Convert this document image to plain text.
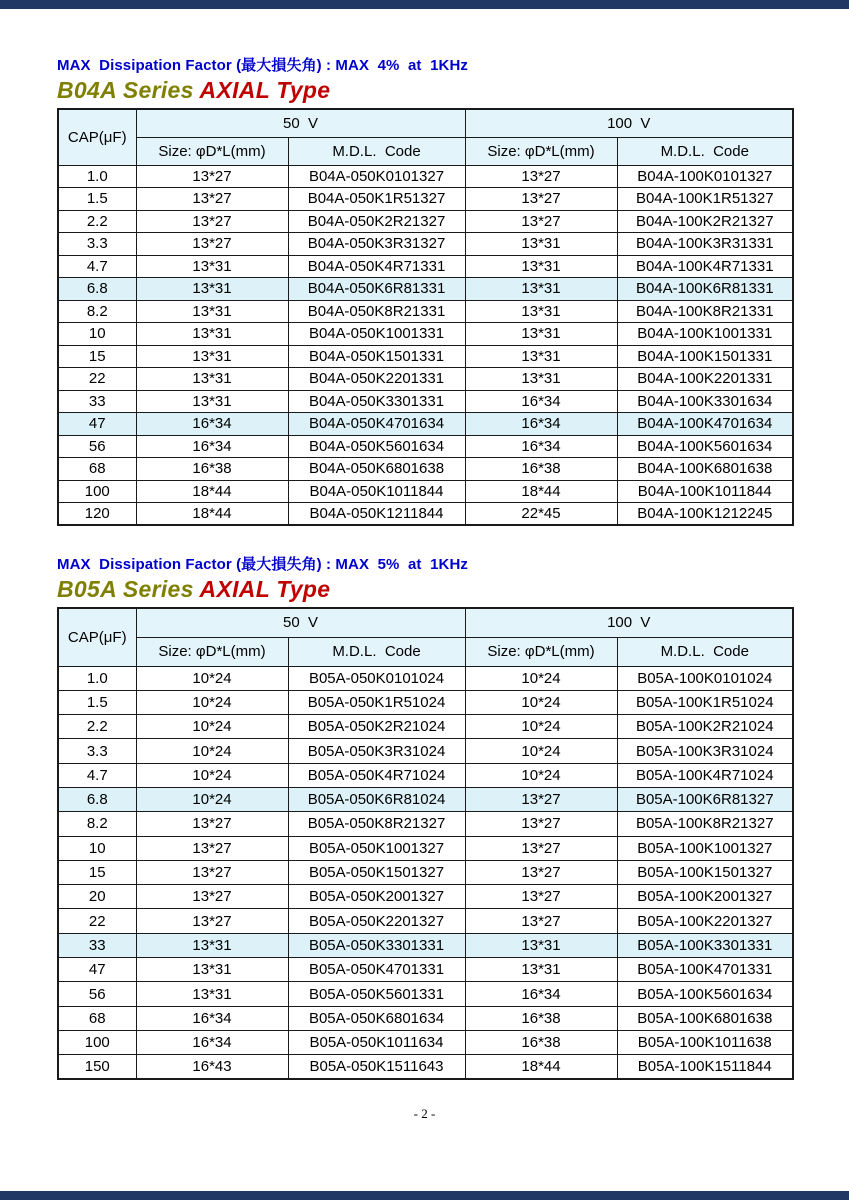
MAX  Dissipation Factor (最大損失角) : MAX  4%  at  1KHz

B04A Series AXIAL Type
CAP(μF)	50  V		100  V	
	Size: φD*L(mm)	M.D.L.  Code	Size: φD*L(mm)	M.D.L.  Code
1.0	13*27	B04A-050K0101327	13*27	B04A-100K0101327
1.5	13*27	B04A-050K1R51327	13*27	B04A-100K1R51327
2.2	13*27	B04A-050K2R21327	13*27	B04A-100K2R21327
3.3	13*27	B04A-050K3R31327	13*31	B04A-100K3R31331
4.7	13*31	B04A-050K4R71331	13*31	B04A-100K4R71331
6.8	13*31	B04A-050K6R81331	13*31	B04A-100K6R81331
8.2	13*31	B04A-050K8R21331	13*31	B04A-100K8R21331
10	13*31	B04A-050K1001331	13*31	B04A-100K1001331
15	13*31	B04A-050K1501331	13*31	B04A-100K1501331
22	13*31	B04A-050K2201331	13*31	B04A-100K2201331
33	13*31	B04A-050K3301331	16*34	B04A-100K3301634
47	16*34	B04A-050K4701634	16*34	B04A-100K4701634
56	16*34	B04A-050K5601634	16*34	B04A-100K5601634
68	16*38	B04A-050K6801638	16*38	B04A-100K6801638
100	18*44	B04A-050K1011844	18*44	B04A-100K1011844
120	18*44	B04A-050K1211844	22*45	B04A-100K1212245

MAX  Dissipation Factor (最大損失角) : MAX  5%  at  1KHz

B05A Series AXIAL Type
CAP(μF)	50  V		100  V	
	Size: φD*L(mm)	M.D.L.  Code	Size: φD*L(mm)	M.D.L.  Code
1.0	10*24	B05A-050K0101024	10*24	B05A-100K0101024
1.5	10*24	B05A-050K1R51024	10*24	B05A-100K1R51024
2.2	10*24	B05A-050K2R21024	10*24	B05A-100K2R21024
3.3	10*24	B05A-050K3R31024	10*24	B05A-100K3R31024
4.7	10*24	B05A-050K4R71024	10*24	B05A-100K4R71024
6.8	10*24	B05A-050K6R81024	13*27	B05A-100K6R81327
8.2	13*27	B05A-050K8R21327	13*27	B05A-100K8R21327
10	13*27	B05A-050K1001327	13*27	B05A-100K1001327
15	13*27	B05A-050K1501327	13*27	B05A-100K1501327
20	13*27	B05A-050K2001327	13*27	B05A-100K2001327
22	13*27	B05A-050K2201327	13*27	B05A-100K2201327
33	13*31	B05A-050K3301331	13*31	B05A-100K3301331
47	13*31	B05A-050K4701331	13*31	B05A-100K4701331
56	13*31	B05A-050K5601331	16*34	B05A-100K5601634
68	16*34	B05A-050K6801634	16*38	B05A-100K6801638
100	16*34	B05A-050K1011634	16*38	B05A-100K1011638
150	16*43	B05A-050K1511643	18*44	B05A-100K1511844
- 2 -
